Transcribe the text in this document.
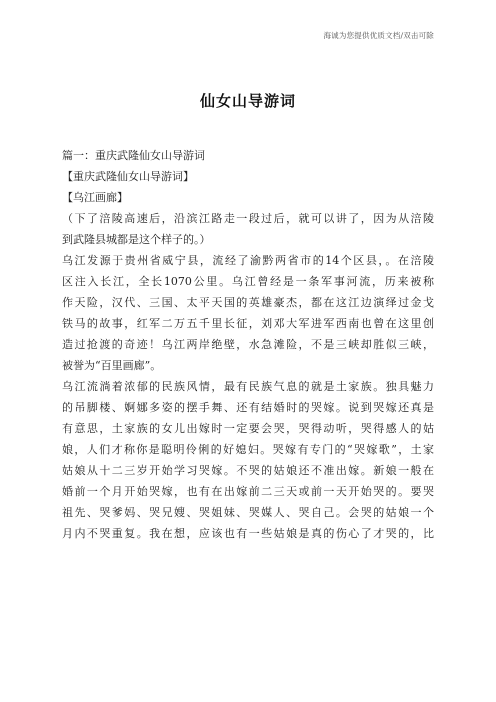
海诚为您提供优质文档/双击可除
仙女山导游词
篇一：重庆武隆仙女山导游词
【重庆武隆仙女山导游词】
【乌江画廊】
（下了涪陵高速后，沿滨江路走一段过后，就可以讲了，因为从涪陵
到武隆县城都是这个样子的。）
乌江发源于贵州省威宁县，流经了渝黔两省市的14个区县，。在涪陵
区注入长江，全长1070公里。乌江曾经是一条军事河流，历来被称
作天险，汉代、三国、太平天国的英雄豪杰，都在这江边演绎过金戈
铁马的故事，红军二万五千里长征，刘邓大军进军西南也曾在这里创
造过抢渡的奇迹！乌江两岸绝壁，水急滩险，不是三峡却胜似三峡，
被誉为“百里画廊”。
乌江流淌着浓郁的民族风情，最有民族气息的就是土家族。独具魅力
的吊脚楼、婀娜多姿的摆手舞、还有结婚时的哭嫁。说到哭嫁还真是
有意思，土家族的女儿出嫁时一定要会哭，哭得动听，哭得感人的姑
娘，人们才称你是聪明伶俐的好媳妇。哭嫁有专门的“哭嫁歌”，土家
姑娘从十二三岁开始学习哭嫁。不哭的姑娘还不准出嫁。新娘一般在
婚前一个月开始哭嫁，也有在出嫁前二三天或前一天开始哭的。要哭
祖先、哭爹妈、哭兄嫂、哭姐妹、哭媒人、哭自己。会哭的姑娘一个
月内不哭重复。我在想，应该也有一些姑娘是真的伤心了才哭的，比
